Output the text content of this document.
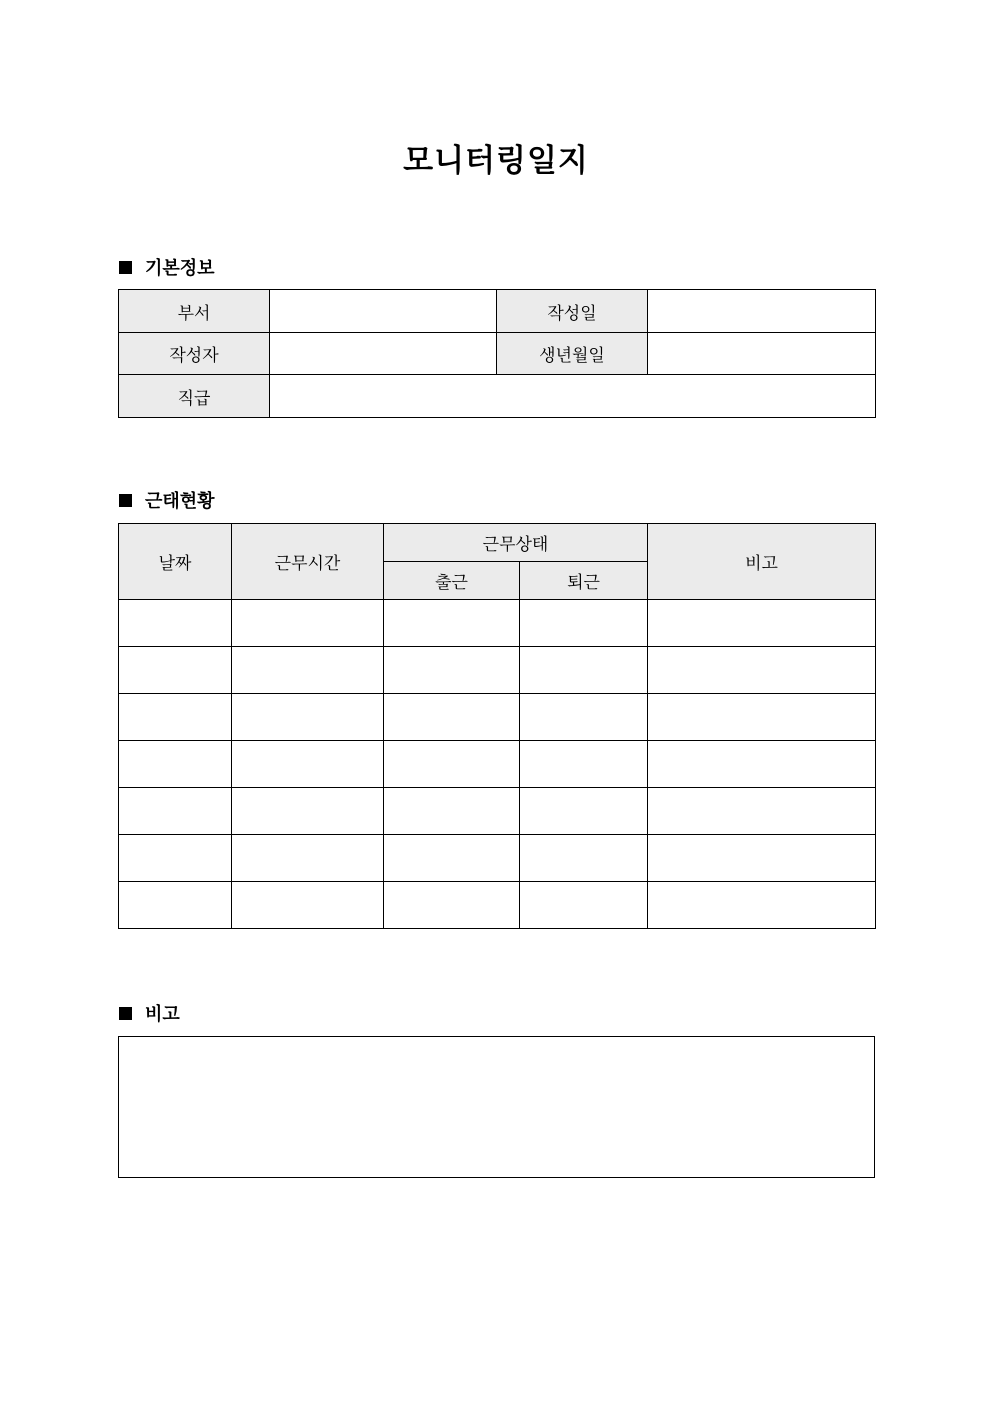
모니터링일지
기본정보
부서		작성일	
작성자		생년월일	
직급			
근태현황
날짜	근무시간	근무상태		비고
		출근	퇴근	

비고
